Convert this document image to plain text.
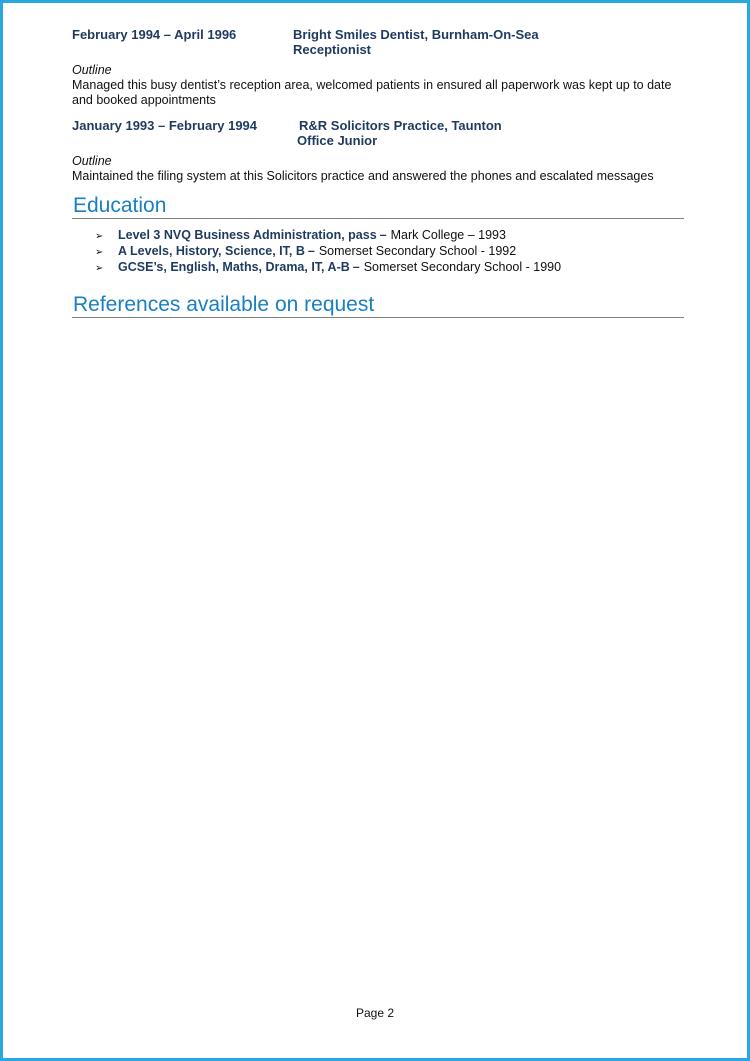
February 1994 – April 1996	Bright Smiles Dentist, Burnham-On-Sea
Receptionist
Outline

Managed this busy dentist’s reception area, welcomed patients in ensured all paperwork was kept up to date and booked appointments

January 1993 – February 1994	R&R Solicitors Practice, Taunton
Office Junior
Outline

Maintained the filing system at this Solicitors practice and answered the phones and escalated messages

Education
➢	Level 3 NVQ Business Administration, pass – Mark College – 1993
➢	A Levels, History, Science, IT, B – Somerset Secondary School - 1992
➢	GCSE’s, English, Maths, Drama, IT, A-B – Somerset Secondary School - 1990
References available on request
Page 2
